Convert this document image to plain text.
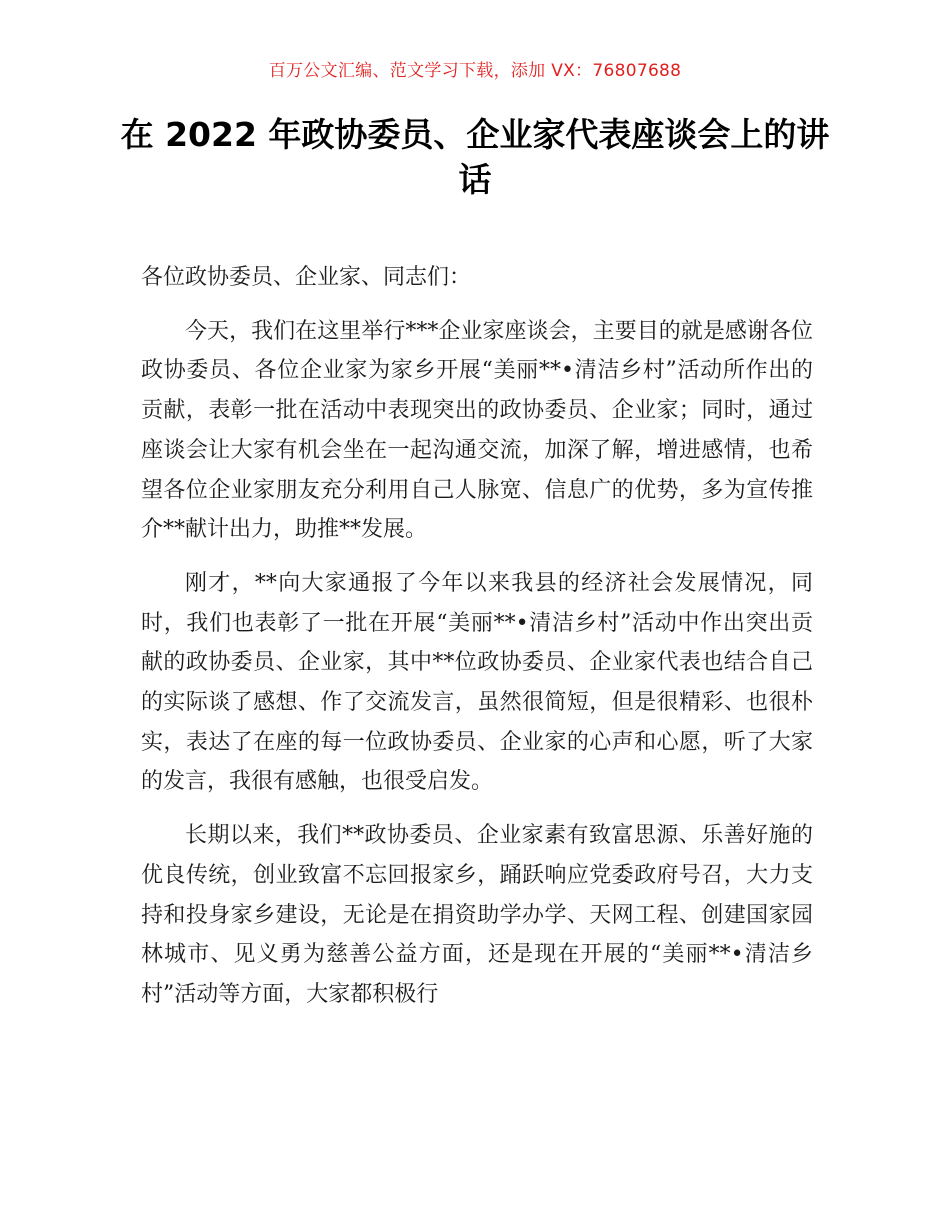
百万公文汇编、范文学习下载，添加 VX：76807688
在 2022 年政协委员、企业家代表座谈会上的讲话

各位政协委员、企业家、同志们：

今天，我们在这里举行***企业家座谈会，主要目的就是感谢各位政协委员、各位企业家为家乡开展“美丽**•清洁乡村”活动所作出的贡献，表彰一批在活动中表现突出的政协委员、企业家；同时，通过座谈会让大家有机会坐在一起沟通交流，加深了解，增进感情，也希望各位企业家朋友充分利用自己人脉宽、信息广的优势，多为宣传推介**献计出力，助推**发展。

刚才，**向大家通报了今年以来我县的经济社会发展情况，同时，我们也表彰了一批在开展“美丽**•清洁乡村”活动中作出突出贡献的政协委员、企业家，其中**位政协委员、企业家代表也结合自己的实际谈了感想、作了交流发言，虽然很简短，但是很精彩、也很朴实，表达了在座的每一位政协委员、企业家的心声和心愿，听了大家的发言，我很有感触，也很受启发。

长期以来，我们**政协委员、企业家素有致富思源、乐善好施的优良传统，创业致富不忘回报家乡，踊跃响应党委政府号召，大力支持和投身家乡建设，无论是在捐资助学办学、天网工程、创建国家园林城市、见义勇为慈善公益方面，还是现在开展的“美丽**•清洁乡村”活动等方面，大家都积极行
